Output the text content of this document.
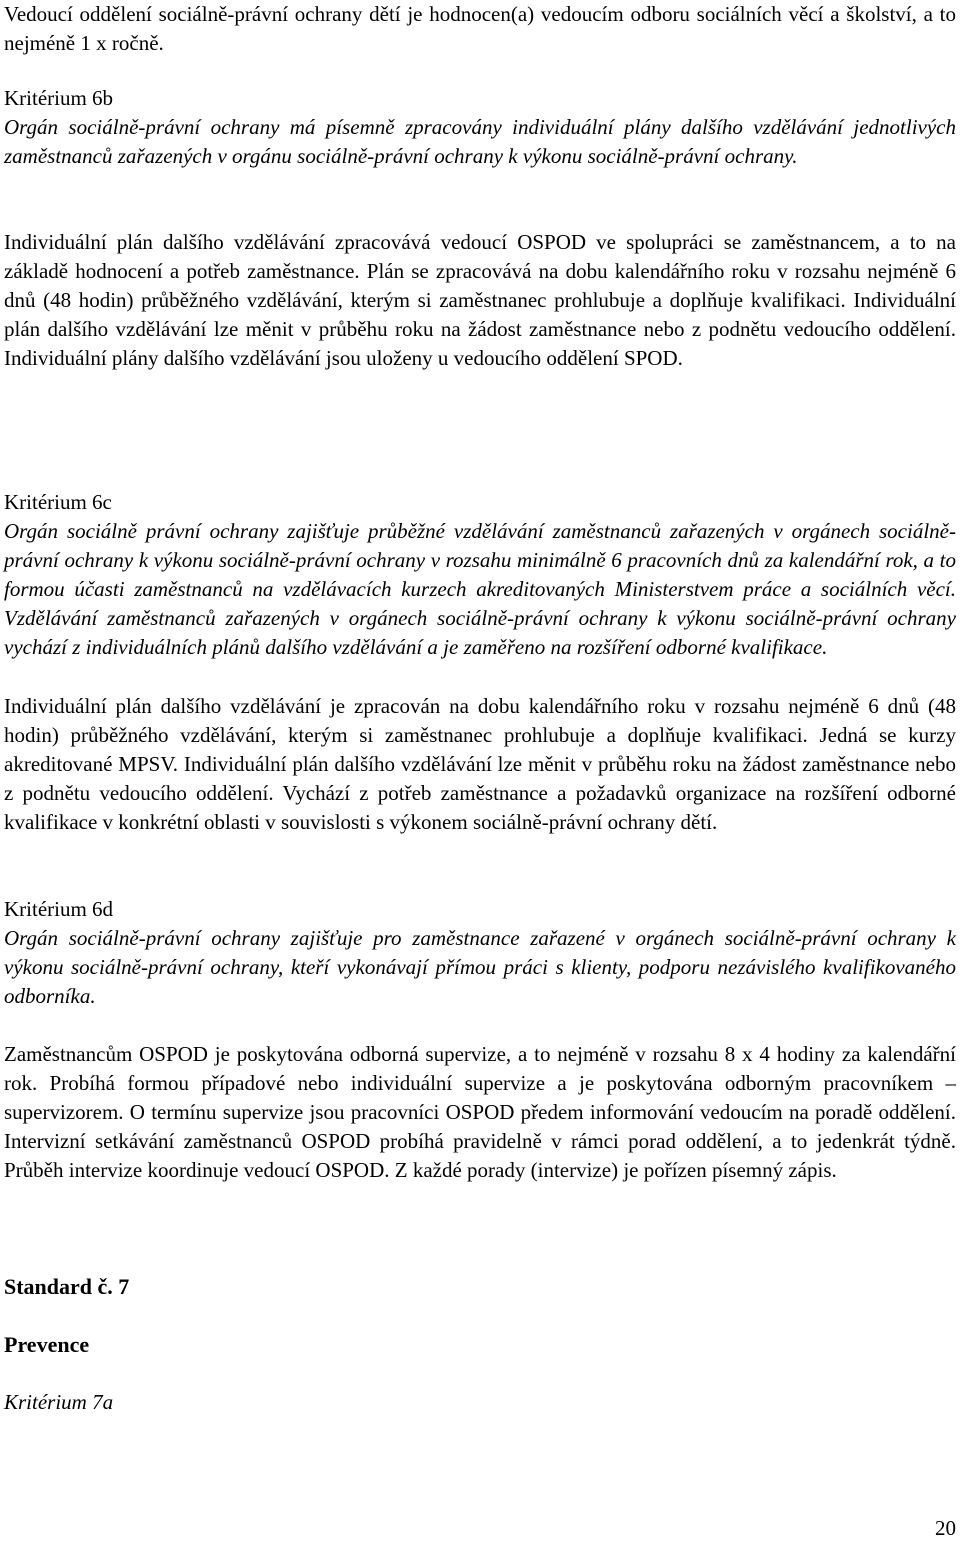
Vedoucí oddělení sociálně-právní ochrany dětí je hodnocen(a) vedoucím odboru sociálních věcí a školství, a to nejméně 1 x ročně.

Kritérium 6b

Orgán sociálně-právní ochrany má písemně zpracovány individuální plány dalšího vzdělávání jednotlivých zaměstnanců zařazených v orgánu sociálně-právní ochrany k výkonu sociálně-právní ochrany.

Individuální plán dalšího vzdělávání zpracovává vedoucí OSPOD ve spolupráci se zaměstnancem, a to na základě hodnocení a potřeb zaměstnance. Plán se zpracovává na dobu kalendářního roku v rozsahu nejméně 6 dnů (48 hodin) průběžného vzdělávání, kterým si zaměstnanec prohlubuje a doplňuje kvalifikaci. Individuální plán dalšího vzdělávání lze měnit v průběhu roku na žádost zaměstnance nebo z podnětu vedoucího oddělení. Individuální plány dalšího vzdělávání jsou uloženy u vedoucího oddělení SPOD.

Kritérium 6c

Orgán sociálně právní ochrany zajišťuje průběžné vzdělávání zaměstnanců zařazených v orgánech sociálně-právní ochrany k výkonu sociálně-právní ochrany v rozsahu minimálně 6 pracovních dnů za kalendářní rok, a to formou účasti zaměstnanců na vzdělávacích kurzech akreditovaných Ministerstvem práce a sociálních věcí. Vzdělávání zaměstnanců zařazených v orgánech sociálně-právní ochrany k výkonu sociálně-právní ochrany vychází z individuálních plánů dalšího vzdělávání a je zaměřeno na rozšíření odborné kvalifikace.

Individuální plán dalšího vzdělávání je zpracován na dobu kalendářního roku v rozsahu nejméně 6 dnů (48 hodin) průběžného vzdělávání, kterým si zaměstnanec prohlubuje a doplňuje kvalifikaci. Jedná se kurzy akreditované MPSV. Individuální plán dalšího vzdělávání lze měnit v průběhu roku na žádost zaměstnance nebo z podnětu vedoucího oddělení. Vychází z potřeb zaměstnance a požadavků organizace na rozšíření odborné kvalifikace v konkrétní oblasti v souvislosti s výkonem sociálně-právní ochrany dětí.

Kritérium 6d

Orgán sociálně-právní ochrany zajišťuje pro zaměstnance zařazené v orgánech sociálně-právní ochrany k výkonu sociálně-právní ochrany, kteří vykonávají přímou práci s klienty, podporu nezávislého kvalifikovaného odborníka.

Zaměstnancům OSPOD je poskytována odborná supervize, a to nejméně v rozsahu 8 x 4 hodiny za kalendářní rok. Probíhá formou případové nebo individuální supervize a je poskytována odborným pracovníkem – supervizorem. O termínu supervize jsou pracovníci OSPOD předem informování vedoucím na poradě oddělení. Intervizní setkávání zaměstnanců OSPOD probíhá pravidelně v rámci porad oddělení, a to jedenkrát týdně. Průběh intervize koordinuje vedoucí OSPOD. Z každé porady (intervize) je pořízen písemný zápis.

Standard č. 7

Prevence

Kritérium 7a

20
